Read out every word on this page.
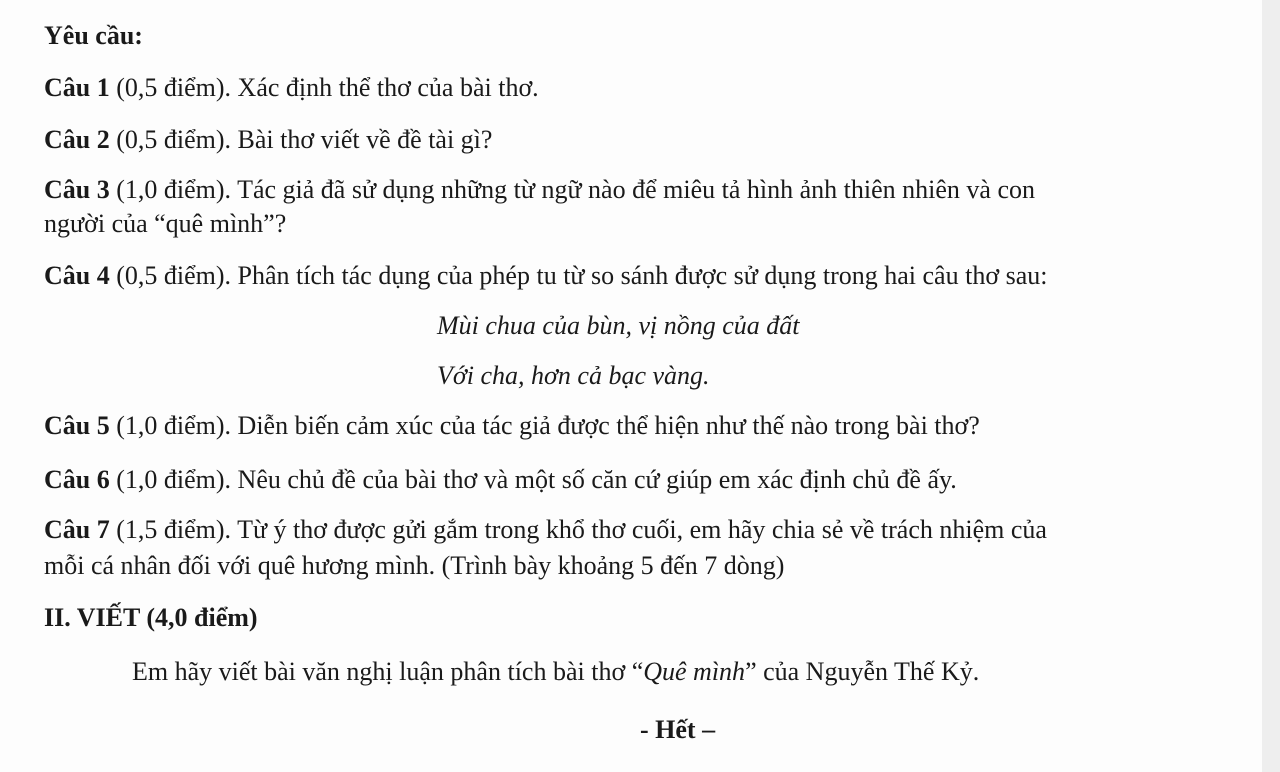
Yêu cầu:
Câu 1 (0,5 điểm). Xác định thể thơ của bài thơ.
Câu 2 (0,5 điểm). Bài thơ viết về đề tài gì?
Câu 3 (1,0 điểm). Tác giả đã sử dụng những từ ngữ nào để miêu tả hình ảnh thiên nhiên và con
người của “quê mình”?
Câu 4 (0,5 điểm). Phân tích tác dụng của phép tu từ so sánh được sử dụng trong hai câu thơ sau:
Mùi chua của bùn, vị nồng của đất
Với cha, hơn cả bạc vàng.
Câu 5 (1,0 điểm). Diễn biến cảm xúc của tác giả được thể hiện như thế nào trong bài thơ?
Câu 6 (1,0 điểm). Nêu chủ đề của bài thơ và một số căn cứ giúp em xác định chủ đề ấy.
Câu 7 (1,5 điểm). Từ ý thơ được gửi gắm trong khổ thơ cuối, em hãy chia sẻ về trách nhiệm của
mỗi cá nhân đối với quê hương mình. (Trình bày khoảng 5 đến 7 dòng)
II. VIẾT (4,0 điểm)
Em hãy viết bài văn nghị luận phân tích bài thơ “Quê mình” của Nguyễn Thế Kỷ.
- Hết –
